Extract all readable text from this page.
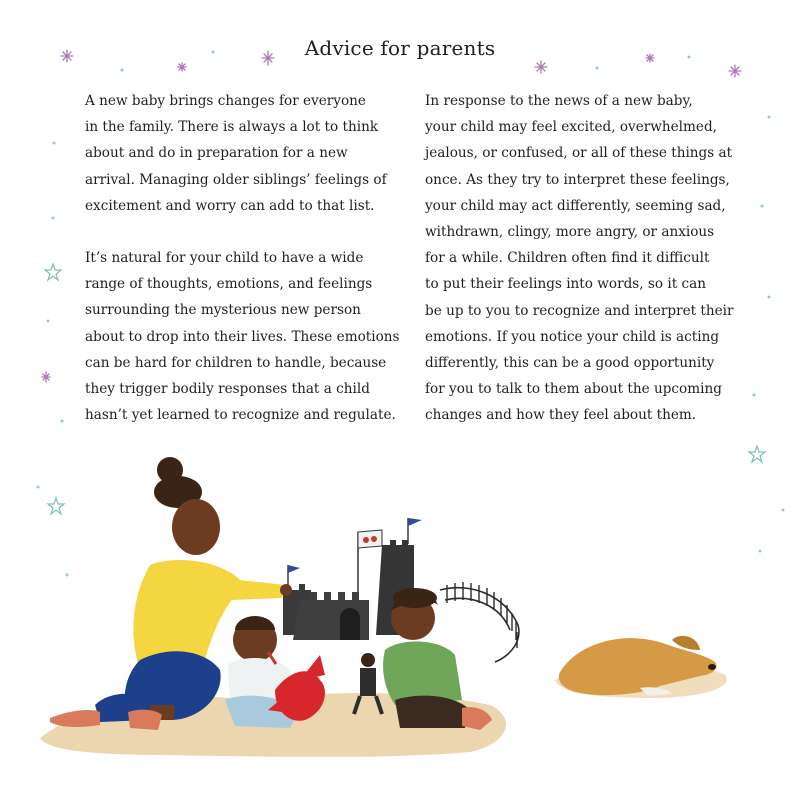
Advice for parents

A new baby brings changes for everyone
in the family. There is always a lot to think
about and do in preparation for a new
arrival. Managing older siblings’ feelings of
excitement and worry can add to that list.

It’s natural for your child to have a wide
range of thoughts, emotions, and feelings
surrounding the mysterious new person
about to drop into their lives. These emotions
can be hard for children to handle, because
they trigger bodily responses that a child
hasn’t yet learned to recognize and regulate.

In response to the news of a new baby,
your child may feel excited, overwhelmed,
jealous, or confused, or all of these things at
once. As they try to interpret these feelings,
your child may act differently, seeming sad,
withdrawn, clingy, more angry, or anxious
for a while. Children often find it difficult
to put their feelings into words, so it can
be up to you to recognize and interpret their
emotions. If you notice your child is acting
differently, this can be a good opportunity
for you to talk to them about the upcoming
changes and how they feel about them.
